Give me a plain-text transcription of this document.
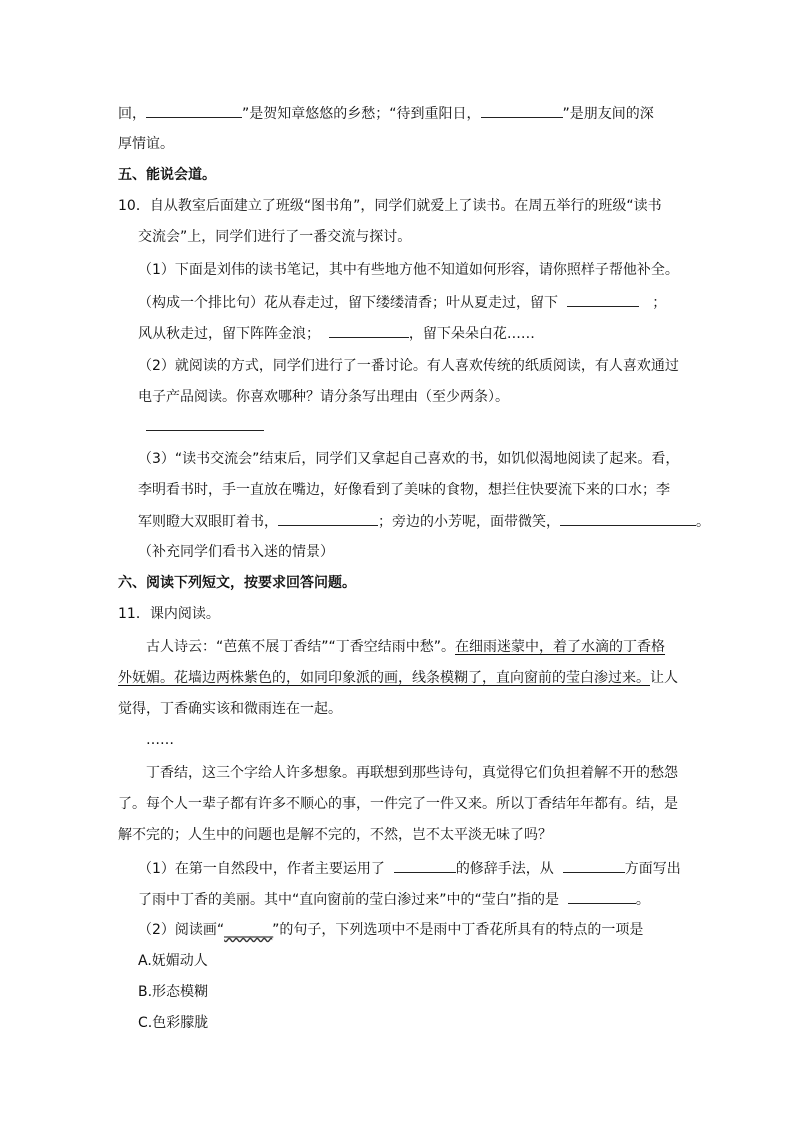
回，	”是贺知章悠悠的乡愁；“待到重阳日，	”是朋友间的深
厚情谊。
五、能说会道。
10．自从教室后面建立了班级“图书角”，同学们就爱上了读书。在周五举行的班级“读书
交流会”上，同学们进行了一番交流与探讨。
（1）下面是刘伟的读书笔记，其中有些地方他不知道如何形容，请你照样子帮他补全。
（构成一个排比句）花从春走过，留下缕缕清香；叶从夏走过，留下	；
风从秋走过，留下阵阵金浪；	，留下朵朵白花……
（2）就阅读的方式，同学们进行了一番讨论。有人喜欢传统的纸质阅读，有人喜欢通过
电子产品阅读。你喜欢哪种？请分条写出理由（至少两条）。
（3）“读书交流会”结束后，同学们又拿起自己喜欢的书，如饥似渴地阅读了起来。看，
李明看书时，手一直放在嘴边，好像看到了美味的食物，想拦住快要流下来的口水；李
军则瞪大双眼盯着书，	；旁边的小芳呢，面带微笑，	。
（补充同学们看书入迷的情景）
六、阅读下列短文，按要求回答问题。
11．课内阅读。
古人诗云：“芭蕉不展丁香结”“丁香空结雨中愁”。在细雨迷蒙中，着了水滴的丁香格
外妩媚。花墙边两株紫色的，如同印象派的画，线条模糊了，直向窗前的莹白渗过来。让人
觉得，丁香确实该和微雨连在一起。
……
丁香结，这三个字给人许多想象。再联想到那些诗句，真觉得它们负担着解不开的愁怨
了。每个人一辈子都有许多不顺心的事，一件完了一件又来。所以丁香结年年都有。结，是
解不完的；人生中的问题也是解不完的，不然，岂不太平淡无味了吗？
（1）在第一自然段中，作者主要运用了	的修辞手法，从	方面写出
了雨中丁香的美丽。其中“直向窗前的莹白渗过来”中的“莹白”指的是	。
（2）阅读画“________”的句子，下列选项中不是雨中丁香花所具有的特点的一项是
A.妩媚动人
B.形态模糊
C.色彩朦胧
